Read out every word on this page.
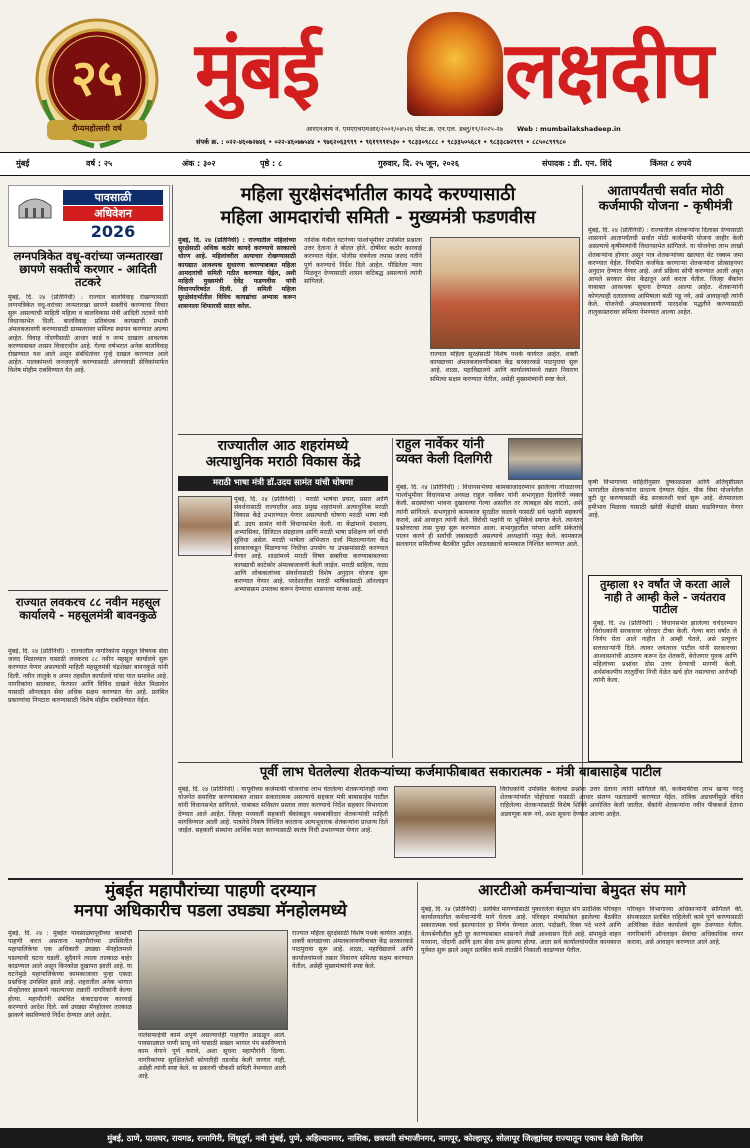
२५
रौप्यमहोत्सवी वर्ष
मुंबई लक्षदीप
आरएनआय नं. एमएएचएमआर/२००१/०४५२६ पोस्ट.क्र. एन.एल. डब्लु/१९/२०२५-२७ Web : mumbailakshadeep.in
संपर्क क्र. : ०२२-४६०७२७४६ • ०२२-४६०७७५४४ • ९७६२०६३९९९ • ९६१९९९१५३० • ९८३३०९८८८ • ९८३३५०५६८१ • ९८३३८७२९९९ • ८८५०८९९९८०
मुंबई	वर्ष : २५	अंक : ३०२	पृष्ठे : ८	गुरुवार, दि. २५ जून, २०२६	संपादक : डी. एन. शिंदे	किंमत ८ रुपये
पावसाळी
अधिवेशन
2026
लग्नपत्रिकेत वधू-वरांच्या जन्मतारखा छापणे सक्तीचे करणार - आदिती तटकरे
मुंबई, दि. २४ (प्रतिनिधी) : राज्यात बालविवाह रोखण्यासाठी लग्नपत्रिकेत वधू-वरांच्या जन्मतारखा छापणे सक्तीचे करण्याचा विचार सुरू असल्याची माहिती महिला व बालविकास मंत्री आदिती तटकरे यांनी विधानसभेत दिली. बालविवाह प्रतिबंधक कायद्याची प्रभावी अंमलबजावणी करण्यासाठी ग्रामस्तरावर समित्या स्थापन करण्यात आल्या आहेत. विवाह नोंदणीसाठी आधार कार्ड व जन्म दाखला आवश्यक करण्याबाबत शासन विचाराधीन आहे. गेल्या वर्षभरात अनेक बालविवाह रोखण्यात यश आले असून संबंधितांवर गुन्हे दाखल करण्यात आले आहेत. पालकांमध्ये जनजागृती करण्यासाठी अंगणवाडी सेविकांमार्फत विशेष मोहीम राबविण्यात येत आहे.
राज्यात लवकरच ८८ नवीन महसूल कार्यालये - महसूलमंत्री बावनकुळे
मुंबई, दि. २४ (प्रतिनिधी) : राज्यातील नागरिकांना महसूल विषयक सेवा जलद मिळाव्यात यासाठी लवकरच ८८ नवीन महसूल कार्यालये सुरू करण्यात येणार असल्याची माहिती महसूलमंत्री चंद्रशेखर बावनकुळे यांनी दिली. नवीन तालुके व अप्पर तहसील कार्यालये यांचा यात समावेश आहे. नागरिकांना सातबारा, फेरफार आणि विविध दाखले वेळेत मिळावेत यासाठी ऑनलाइन सेवा अधिक सक्षम करण्यात येत आहे. प्रलंबित प्रकरणांचा निपटारा करण्यासाठी विशेष मोहीम राबविण्यात येईल.
महिला सुरक्षेसंदर्भातील कायदे करण्यासाठी
महिला आमदारांची समिती - मुख्यमंत्री फडणवीस
मुंबई, दि. २४ (प्रतिनिधी) : राज्यातील महिलांच्या सुरक्षेसाठी अधिक कठोर कायदे करण्याचे सरकारचे धोरण आहे. महिलांवरील अत्याचार रोखण्यासाठी कायद्यात आवश्यक सुधारणा करण्याबाबत महिला आमदारांची समिती गठीत करण्यात येईल, अशी माहिती मुख्यमंत्री देवेंद्र फडणवीस यांनी विधानपरिषदेत दिली. ही समिती महिला सुरक्षेसंदर्भातील विविध कायद्यांचा अभ्यास करून शासनाला शिफारसी सादर करेल.
नाशिक येथील घटनेच्या पार्श्वभूमीवर उपस्थित प्रश्नाला उत्तर देताना ते बोलत होते. दोषींवर कठोर कारवाई करण्यात येईल. पोलीस यंत्रणेला तपास जलद गतीने पूर्ण करण्याचे निर्देश दिले आहेत. पीडितेला न्याय मिळवून देण्यासाठी शासन कटिबद्ध असल्याचे त्यांनी सांगितले.
राज्यात महिला सुरक्षेसाठी विशेष पथके कार्यरत आहेत. शक्ती कायद्याच्या अंमलबजावणीबाबत केंद्र सरकारकडे पाठपुरावा सुरू आहे. शाळा, महाविद्यालये आणि कार्यालयांमध्ये तक्रार निवारण समित्या सक्षम करण्यात येतील, असेही मुख्यमंत्र्यांनी स्पष्ट केले.
आतापर्यंतची सर्वात मोठी
कर्जमाफी योजना - कृषीमंत्री
मुंबई, दि. २४ (प्रतिनिधी) : राज्यातील शेतकऱ्यांना दिलासा देण्यासाठी शासनाने आतापर्यंतची सर्वात मोठी कर्जमाफी योजना जाहीर केली असल्याचे कृषीमंत्र्यांनी विधानसभेत सांगितले. या योजनेचा लाभ लाखो शेतकऱ्यांना होणार असून पात्र शेतकऱ्यांच्या खात्यात थेट रक्कम जमा करण्यात येईल. नियमित कर्जफेड करणाऱ्या शेतकऱ्यांना प्रोत्साहनपर अनुदान देण्यात येणार आहे. अर्ज प्रक्रिया सोपी करण्यात आली असून आपले सरकार सेवा केंद्रातून अर्ज करता येतील. जिल्हा बँकांना याबाबत आवश्यक सूचना देण्यात आल्या आहेत. शेतकऱ्यांनी कोणत्याही दलालाच्या आमिषाला बळी पडू नये, असे आवाहनही त्यांनी केले. योजनेची अंमलबजावणी पारदर्शक पद्धतीने करण्यासाठी तालुकास्तरावर समित्या नेमण्यात आल्या आहेत.
कृषी विभागाच्या माहितीनुसार दुष्काळग्रस्त आणि अतिवृष्टीग्रस्त भागातील शेतकऱ्यांना प्राधान्य देण्यात येईल. पीक विमा योजनेतील त्रुटी दूर करण्यासाठी केंद्र सरकारशी चर्चा सुरू आहे. शेतमालाला हमीभाव मिळावा यासाठी खरेदी केंद्रांची संख्या वाढविण्यात येणार आहे.
राज्यातील आठ शहरांमध्ये
अत्याधुनिक मराठी विकास केंद्रे
मराठी भाषा मंत्री डॉ.उदय सामंत यांची घोषणा
मुंबई, दि. २४ (प्रतिनिधी) : मराठी भाषेचा प्रचार, प्रसार आणि संवर्धनासाठी राज्यातील आठ प्रमुख शहरांमध्ये अत्याधुनिक मराठी विकास केंद्रे उभारण्यात येणार असल्याची घोषणा मराठी भाषा मंत्री डॉ. उदय सामंत यांनी विधानसभेत केली. या केंद्रांमध्ये ग्रंथालय, अभ्यासिका, डिजिटल संग्रहालय आणि मराठी भाषा प्रशिक्षण वर्ग यांची सुविधा असेल. मराठी भाषेला अभिजात दर्जा मिळाल्यानंतर केंद्र सरकारकडून मिळणाऱ्या निधीचा उपयोग या उपक्रमांसाठी करण्यात येणार आहे. शाळांमध्ये मराठी विषय सक्तीचा करण्याबाबतच्या कायद्याची काटेकोर अंमलबजावणी केली जाईल. मराठी साहित्य, नाट्य आणि लोककलांच्या संवर्धनासाठी विशेष अनुदान योजना सुरू करण्यात येणार आहे. परदेशातील मराठी भाषिकांसाठी ऑनलाइन अभ्यासक्रम उपलब्ध करून देण्याचा शासनाचा मानस आहे.
राहुल नार्वेकर यांनी
व्यक्त केली दिलगिरी
मुंबई, दि. २४ (प्रतिनिधी) : विधानसभेच्या कामकाजादरम्यान झालेल्या गोंधळाच्या पार्श्वभूमीवर विधानसभा अध्यक्ष राहुल नार्वेकर यांनी सभागृहात दिलगिरी व्यक्त केली. सदस्यांच्या भावना दुखावल्या गेल्या असतील तर त्याबद्दल खेद वाटतो, असे त्यांनी सांगितले. सभागृहाचे कामकाज सुरळीत चालावे यासाठी सर्व पक्षांनी सहकार्य करावे, असे आवाहन त्यांनी केले. विरोधी पक्षांनी या भूमिकेचे स्वागत केले. त्यानंतर प्रश्नोत्तराचा तास पुन्हा सुरू करण्यात आला. सभागृहातील परंपरा आणि संकेतांचे पालन करणे ही सर्वांची जबाबदारी असल्याचे अध्यक्षांनी नमूद केले. कामकाज सल्लागार समितीच्या बैठकीत पुढील आठवड्याचे कामकाज निश्चित करण्यात आले.
तुम्हाला १२ वर्षांत जे करता आले नाही ते आम्ही केले - जयंतराव पाटील
मुंबई, दि. २४ (प्रतिनिधी) : विधानसभेत झालेल्या चर्चेदरम्यान विरोधकांनी सरकारवर जोरदार टीका केली. गेल्या बारा वर्षांत जे निर्णय घेता आले नाहीत ते आम्ही घेतले, असे प्रत्युत्तर सत्ताधाऱ्यांनी दिले. त्यावर जयंतराव पाटील यांनी सरकारच्या आश्वासनांची आठवण करून देत शेतकरी, बेरोजगार युवक आणि महिलांच्या प्रश्नांवर ठोस उत्तर देण्याची मागणी केली. अर्थसंकल्पीय तरतुदींचा निधी वेळेत खर्च होत नसल्याचा आरोपही त्यांनी केला.
पूर्वी लाभ घेतलेल्या शेतकऱ्यांच्या कर्जमाफीबाबत सकारात्मक - मंत्री बाबासाहेब पाटील
मुंबई, दि. २४ (प्रतिनिधी) : यापूर्वीच्या कर्जमाफी योजनांचा लाभ घेतलेल्या शेतकऱ्यांनाही नव्या योजनेत समाविष्ट करण्याबाबत शासन सकारात्मक असल्याचे सहकार मंत्री बाबासाहेब पाटील यांनी विधानसभेत सांगितले. याबाबत सविस्तर प्रस्ताव तयार करण्याचे निर्देश सहकार विभागाला देण्यात आले आहेत. जिल्हा मध्यवर्ती सहकारी बँकांकडून थकबाकीदार शेतकऱ्यांची माहिती मागविण्यात आली आहे. पात्रतेचे निकष निश्चित करताना अल्पभूधारक शेतकऱ्यांना प्राधान्य दिले जाईल. सहकारी संस्थांना आर्थिक मदत करण्यासाठी स्वतंत्र निधी उभारण्यात येणार आहे.
विरोधकांनी उपस्थित केलेल्या प्रश्नांना उत्तर देताना त्यांनी सांगितले की, कर्जमाफीचा लाभ खऱ्या गरजू शेतकऱ्यांपर्यंत पोहोचावा यासाठी आधार संलग्न पडताळणी करण्यात येईल. तांत्रिक अडचणींमुळे वंचित राहिलेल्या शेतकऱ्यांसाठी विशेष शिबिरे आयोजित केली जातील. बँकांनी शेतकऱ्यांना नवीन पीककर्ज देताना अडवणूक करू नये, अशा सूचना देण्यात आल्या आहेत.
मुंबईत महापौरांच्या पाहणी दरम्यान
मनपा अधिकारीच पडला उघड्या मॅनहोलमध्ये
मुंबई, दि. २४ : मुंबईत पावसाळ्यापूर्वीच्या कामांची पाहणी करत असताना महापौरांच्या उपस्थितीत महापालिकेचा एक अधिकारी उघड्या मॅनहोलमध्ये पडल्याची घटना घडली. सुदैवाने त्याला तात्काळ बाहेर काढण्यात आले असून किरकोळ दुखापत झाली आहे. या घटनेमुळे महापालिकेच्या कामकाजावर पुन्हा एकदा प्रश्नचिन्ह उपस्थित झाले आहे. शहरातील अनेक भागात मॅनहोलवर झाकणे नसल्याच्या तक्रारी नागरिकांनी केल्या होत्या. महापौरांनी संबंधित कंत्राटदारावर कारवाई करण्याचे आदेश दिले. सर्व उघड्या मॅनहोलवर तात्काळ झाकणे बसविण्याचे निर्देश देण्यात आले आहेत.
नालेसफाईची कामे अपूर्ण असल्याचेही पाहणीत आढळून आले. पावसाळ्यात पाणी साचू नये यासाठी सखल भागात पंप बसविण्याचे काम वेगाने पूर्ण करावे, अशा सूचना महापौरांनी दिल्या. नागरिकांच्या सुरक्षिततेशी कोणतीही तडजोड केली जाणार नाही, असेही त्यांनी स्पष्ट केले. या प्रकरणी चौकशी समिती नेमण्यात आली आहे.
राज्यात महिला सुरक्षेसाठी विशेष पथके कार्यरत आहेत. शक्ती कायद्याच्या अंमलबजावणीबाबत केंद्र सरकारकडे पाठपुरावा सुरू आहे. शाळा, महाविद्यालये आणि कार्यालयांमध्ये तक्रार निवारण समित्या सक्षम करण्यात येतील, असेही मुख्यमंत्र्यांनी स्पष्ट केले.
आरटीओ कर्मचाऱ्यांचा बेमुदत संप मागे
मुंबई, दि. २४ (प्रतिनिधी) : प्रलंबित मागण्यांसाठी पुकारलेला बेमुदत संप प्रादेशिक परिवहन कार्यालयातील कर्मचाऱ्यांनी मागे घेतला आहे. परिवहन मंत्र्यांसोबत झालेल्या बैठकीत सकारात्मक चर्चा झाल्यानंतर हा निर्णय घेण्यात आला. पदोन्नती, रिक्त पदे भरणे आणि वेतनश्रेणीतील त्रुटी दूर करण्याबाबत शासनाने लेखी आश्वासन दिले आहे. संपामुळे वाहन परवाना, नोंदणी आणि इतर सेवा ठप्प झाल्या होत्या. आता सर्व कार्यालयांमधील कामकाज पूर्ववत सुरू झाले असून प्रलंबित कामे तातडीने निकाली काढण्यात येतील.
परिवहन विभागाच्या अधिकाऱ्यांनी सांगितले की, संपकाळात प्रलंबित राहिलेली कामे पूर्ण करण्यासाठी अतिरिक्त वेळेत कार्यालये सुरू ठेवण्यात येतील. नागरिकांनी ऑनलाइन सेवांचा अधिकाधिक वापर करावा, असे आवाहन करण्यात आले आहे.
मुंबई, ठाणे, पालघर, रायगड, रत्नागिरी, सिंधुदुर्ग, नवी मुंबई, पुणे, अहिल्यानगर, नाशिक, छत्रपती संभाजीनगर, नागपूर, कोल्हापूर, सोलापूर जिल्ह्यांसह राज्यातून एकाच वेळी वितरित
